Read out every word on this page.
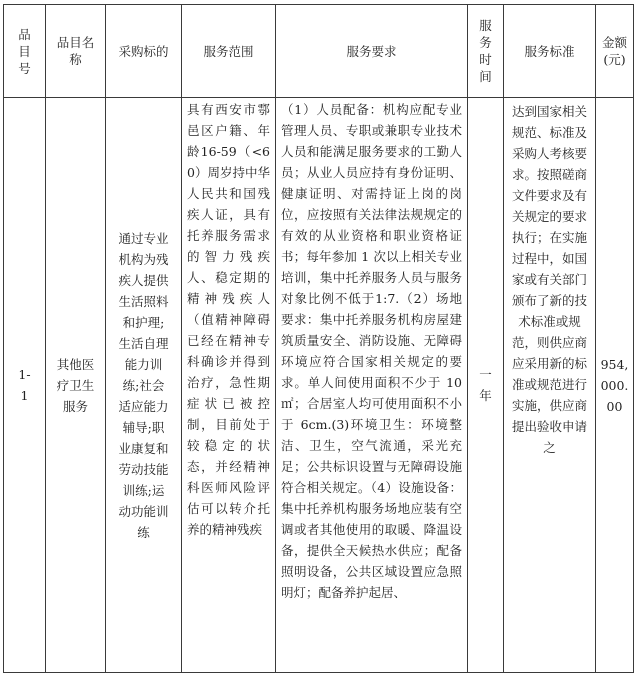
品目号	品目名称	采购标的	服务范围	服务要求	服务时间	服务标准	金额(元)

1-1	其他医疗卫生服务	通过专业机构为残疾人提供生活照料和护理;生活自理能力训练;社会适应能力辅导;职业康复和劳动技能训练;运动功能训练	具有西安市鄠邑区户籍、年龄16-59（<60）周岁持中华人民共和国残疾人证，具有托养服务需求的智力残疾人、稳定期的精神残疾人（值精神障碍已经在精神专科确诊并得到治疗，急性期症状已被控制，目前处于较稳定的状态，并经精神科医师风险评估可以转介托养的精神残疾	（1）人员配备：机构应配专业管理人员、专职或兼职专业技术人员和能满足服务要求的工勤人员；从业人员应持有身份证明、健康证明、对需持证上岗的岗位，应按照有关法律法规规定的有效的从业资格和职业资格证书；每年参加 1 次以上相关专业培训，集中托养服务人员与服务对象比例不低于1:7.（2）场地要求：集中托养服务机构房屋建筑质量安全、消防设施、无障碍环境应符合国家相关规定的要求。单人间使用面积不少于 10 ㎡；合居室人均可使用面积不小于 6cm.(3)环境卫生：环境整洁、卫生，空气流通，采光充足；公共标识设置与无障碍设施符合相关规定。（4）设施设备：集中托养机构服务场地应装有空调或者其他使用的取暖、降温设备，提供全天候热水供应；配备照明设备，公共区域设置应急照明灯；配备养护起居、	一年	达到国家相关规范、标准及采购人考核要求。按照磋商文件要求及有关规定的要求执行；在实施过程中，如国家或有关部门颁布了新的技术标准或规范，则供应商应采用新的标准或规范进行实施，供应商提出验收申请之	954,000.00
